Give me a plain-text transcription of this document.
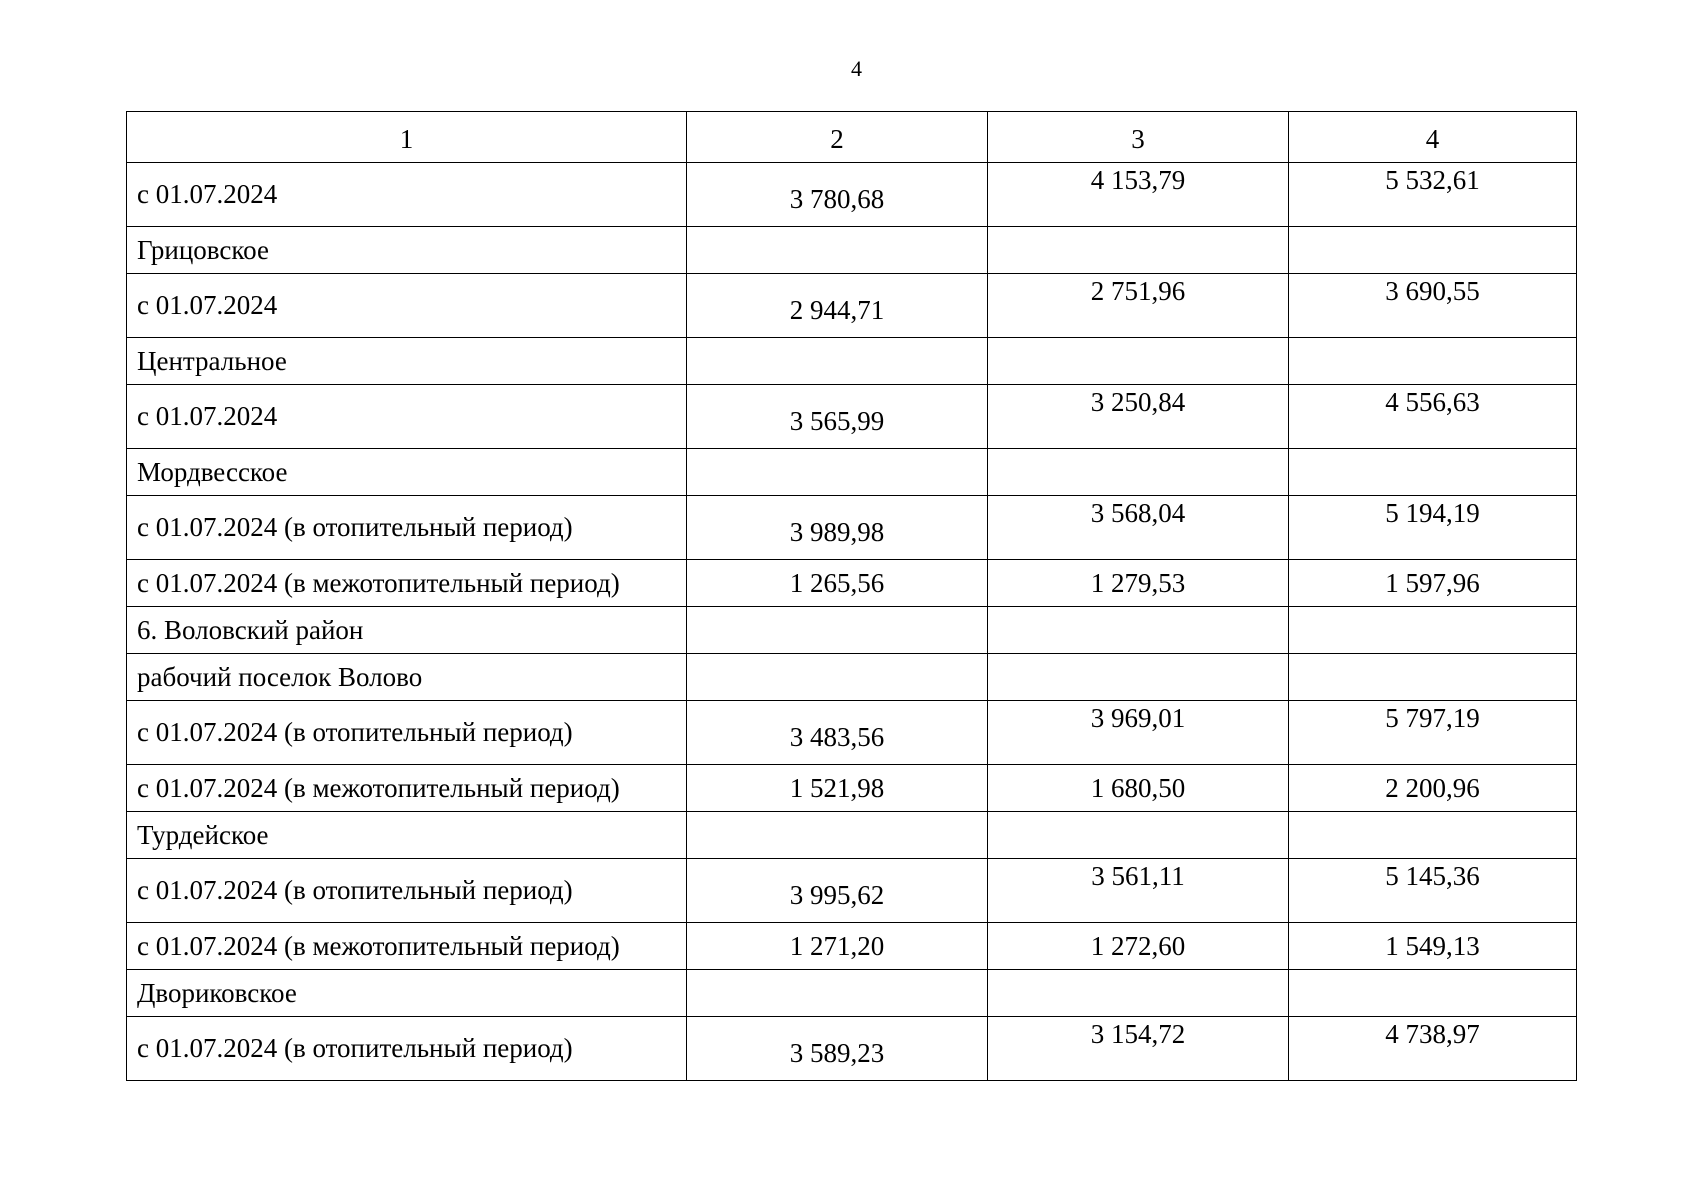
4
1	2	3	4
с 01.07.2024	3 780,68	4 153,79	5 532,61
Грицовское			
с 01.07.2024	2 944,71	2 751,96	3 690,55
Центральное			
с 01.07.2024	3 565,99	3 250,84	4 556,63
Мордвесское			
с 01.07.2024 (в отопительный период)	3 989,98	3 568,04	5 194,19
с 01.07.2024 (в межотопительный период)	1 265,56	1 279,53	1 597,96
6. Воловский район			
рабочий поселок Волово			
с 01.07.2024 (в отопительный период)	3 483,56	3 969,01	5 797,19
с 01.07.2024 (в межотопительный период)	1 521,98	1 680,50	2 200,96
Турдейское			
с 01.07.2024 (в отопительный период)	3 995,62	3 561,11	5 145,36
с 01.07.2024 (в межотопительный период)	1 271,20	1 272,60	1 549,13
Двориковское			
с 01.07.2024 (в отопительный период)	3 589,23	3 154,72	4 738,97
